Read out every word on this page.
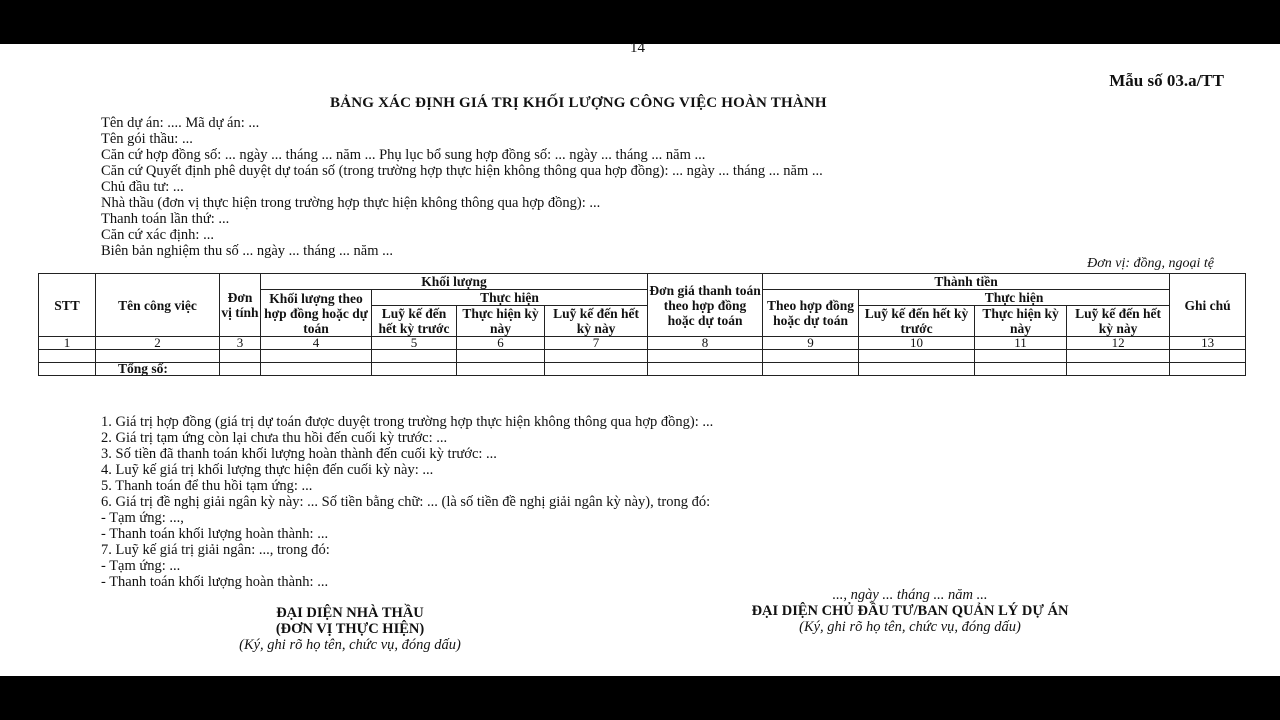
14
Mẫu số 03.a/TT
BẢNG XÁC ĐỊNH GIÁ TRỊ KHỐI LƯỢNG CÔNG VIỆC HOÀN THÀNH
Tên dự án: .... Mã dự án: ...
Tên gói thầu: ...
Căn cứ hợp đồng số: ... ngày ... tháng ... năm ... Phụ lục bổ sung hợp đồng số: ... ngày ... tháng ... năm ...
Căn cứ Quyết định phê duyệt dự toán số (trong trường hợp thực hiện không thông qua hợp đồng): ... ngày ... tháng ... năm ...
Chủ đầu tư: ...
Nhà thầu (đơn vị thực hiện trong trường hợp thực hiện không thông qua hợp đồng): ...
Thanh toán lần thứ: ...
Căn cứ xác định: ...
Biên bản nghiệm thu số ... ngày ... tháng ... năm ...
Đơn vị: đồng, ngoại tệ
STT	Tên công việc	Đơn vị tính	Khối lượng				Đơn giá thanh toán theo hợp đồng hoặc dự toán	Thành tiền				Ghi chú
			Khối lượng theo hợp đồng hoặc dự toán	Thực hiện				Theo hợp đồng hoặc dự toán	Thực hiện			
				Luỹ kế đến hết kỳ trước	Thực hiện kỳ này	Luỹ kế đến hết kỳ này			Luỹ kế đến hết kỳ trước	Thực hiện kỳ này	Luỹ kế đến hết kỳ này	
1	2	3	4	5	6	7	8	9	10	11	12	13

	Tổng số:											
1. Giá trị hợp đồng (giá trị dự toán được duyệt trong trường hợp thực hiện không thông qua hợp đồng): ...
2. Giá trị tạm ứng còn lại chưa thu hồi đến cuối kỳ trước: ...
3. Số tiền đã thanh toán khối lượng hoàn thành đến cuối kỳ trước: ...
4. Luỹ kế giá trị khối lượng thực hiện đến cuối kỳ này: ...
5. Thanh toán để thu hồi tạm ứng: ...
6. Giá trị đề nghị giải ngân kỳ này: ... Số tiền bằng chữ: ... (là số tiền đề nghị giải ngân kỳ này), trong đó:
- Tạm ứng: ...,
- Thanh toán khối lượng hoàn thành: ...
7. Luỹ kế giá trị giải ngân: ..., trong đó:
- Tạm ứng: ...
- Thanh toán khối lượng hoàn thành: ...
ĐẠI DIỆN NHÀ THẦU
(ĐƠN VỊ THỰC HIỆN)
(Ký, ghi rõ họ tên, chức vụ, đóng dấu)
..., ngày ... tháng ... năm ...
ĐẠI DIỆN CHỦ ĐẦU TƯ/BAN QUẢN LÝ DỰ ÁN
(Ký, ghi rõ họ tên, chức vụ, đóng dấu)
